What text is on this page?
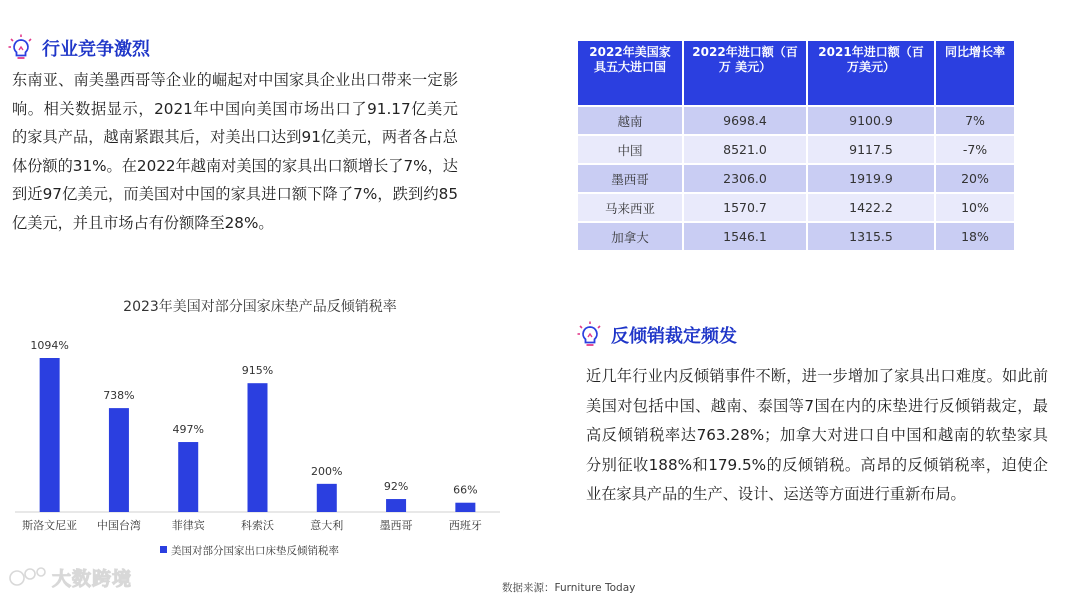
行业竞争激烈

东南亚、南美墨西哥等企业的崛起对中国家具企业出口带来一定影响。相关数据显示，2021年中国向美国市场出口了91.17亿美元的家具产品，越南紧跟其后，对美出口达到91亿美元，两者各占总体份额的31%。在2022年越南对美国的家具出口额增长了7%，达到近97亿美元，而美国对中国的家具进口额下降了7%，跌到约85亿美元，并且市场占有份额降至28%。

2022年美国家具五大进口国	2022年进口额（百万 美元）	2021年进口额（百万美元）	同比增长率
越南	9698.4	9100.9	7%
中国	8521.0	9117.5	-7%
墨西哥	2306.0	1919.9	20%
马来西亚	1570.7	1422.2	10%
加拿大	1546.1	1315.5	18%
2023年美国对部分国家床垫产品反倾销税率
1094%
斯洛文尼亚
738%
中国台湾
497%
菲律宾
915%
科索沃
200%
意大利
92%
墨西哥
66%
西班牙
美国对部分国家出口床垫反倾销税率
反倾销裁定频发

近几年行业内反倾销事件不断，进一步增加了家具出口难度。如此前美国对包括中国、越南、泰国等7国在内的床垫进行反倾销裁定，最高反倾销税率达763.28%；加拿大对进口自中国和越南的软垫家具分别征收188%和179.5%的反倾销税。高昂的反倾销税率，迫使企业在家具产品的生产、设计、运送等方面进行重新布局。

大数跨境	数据来源：Furniture Today
